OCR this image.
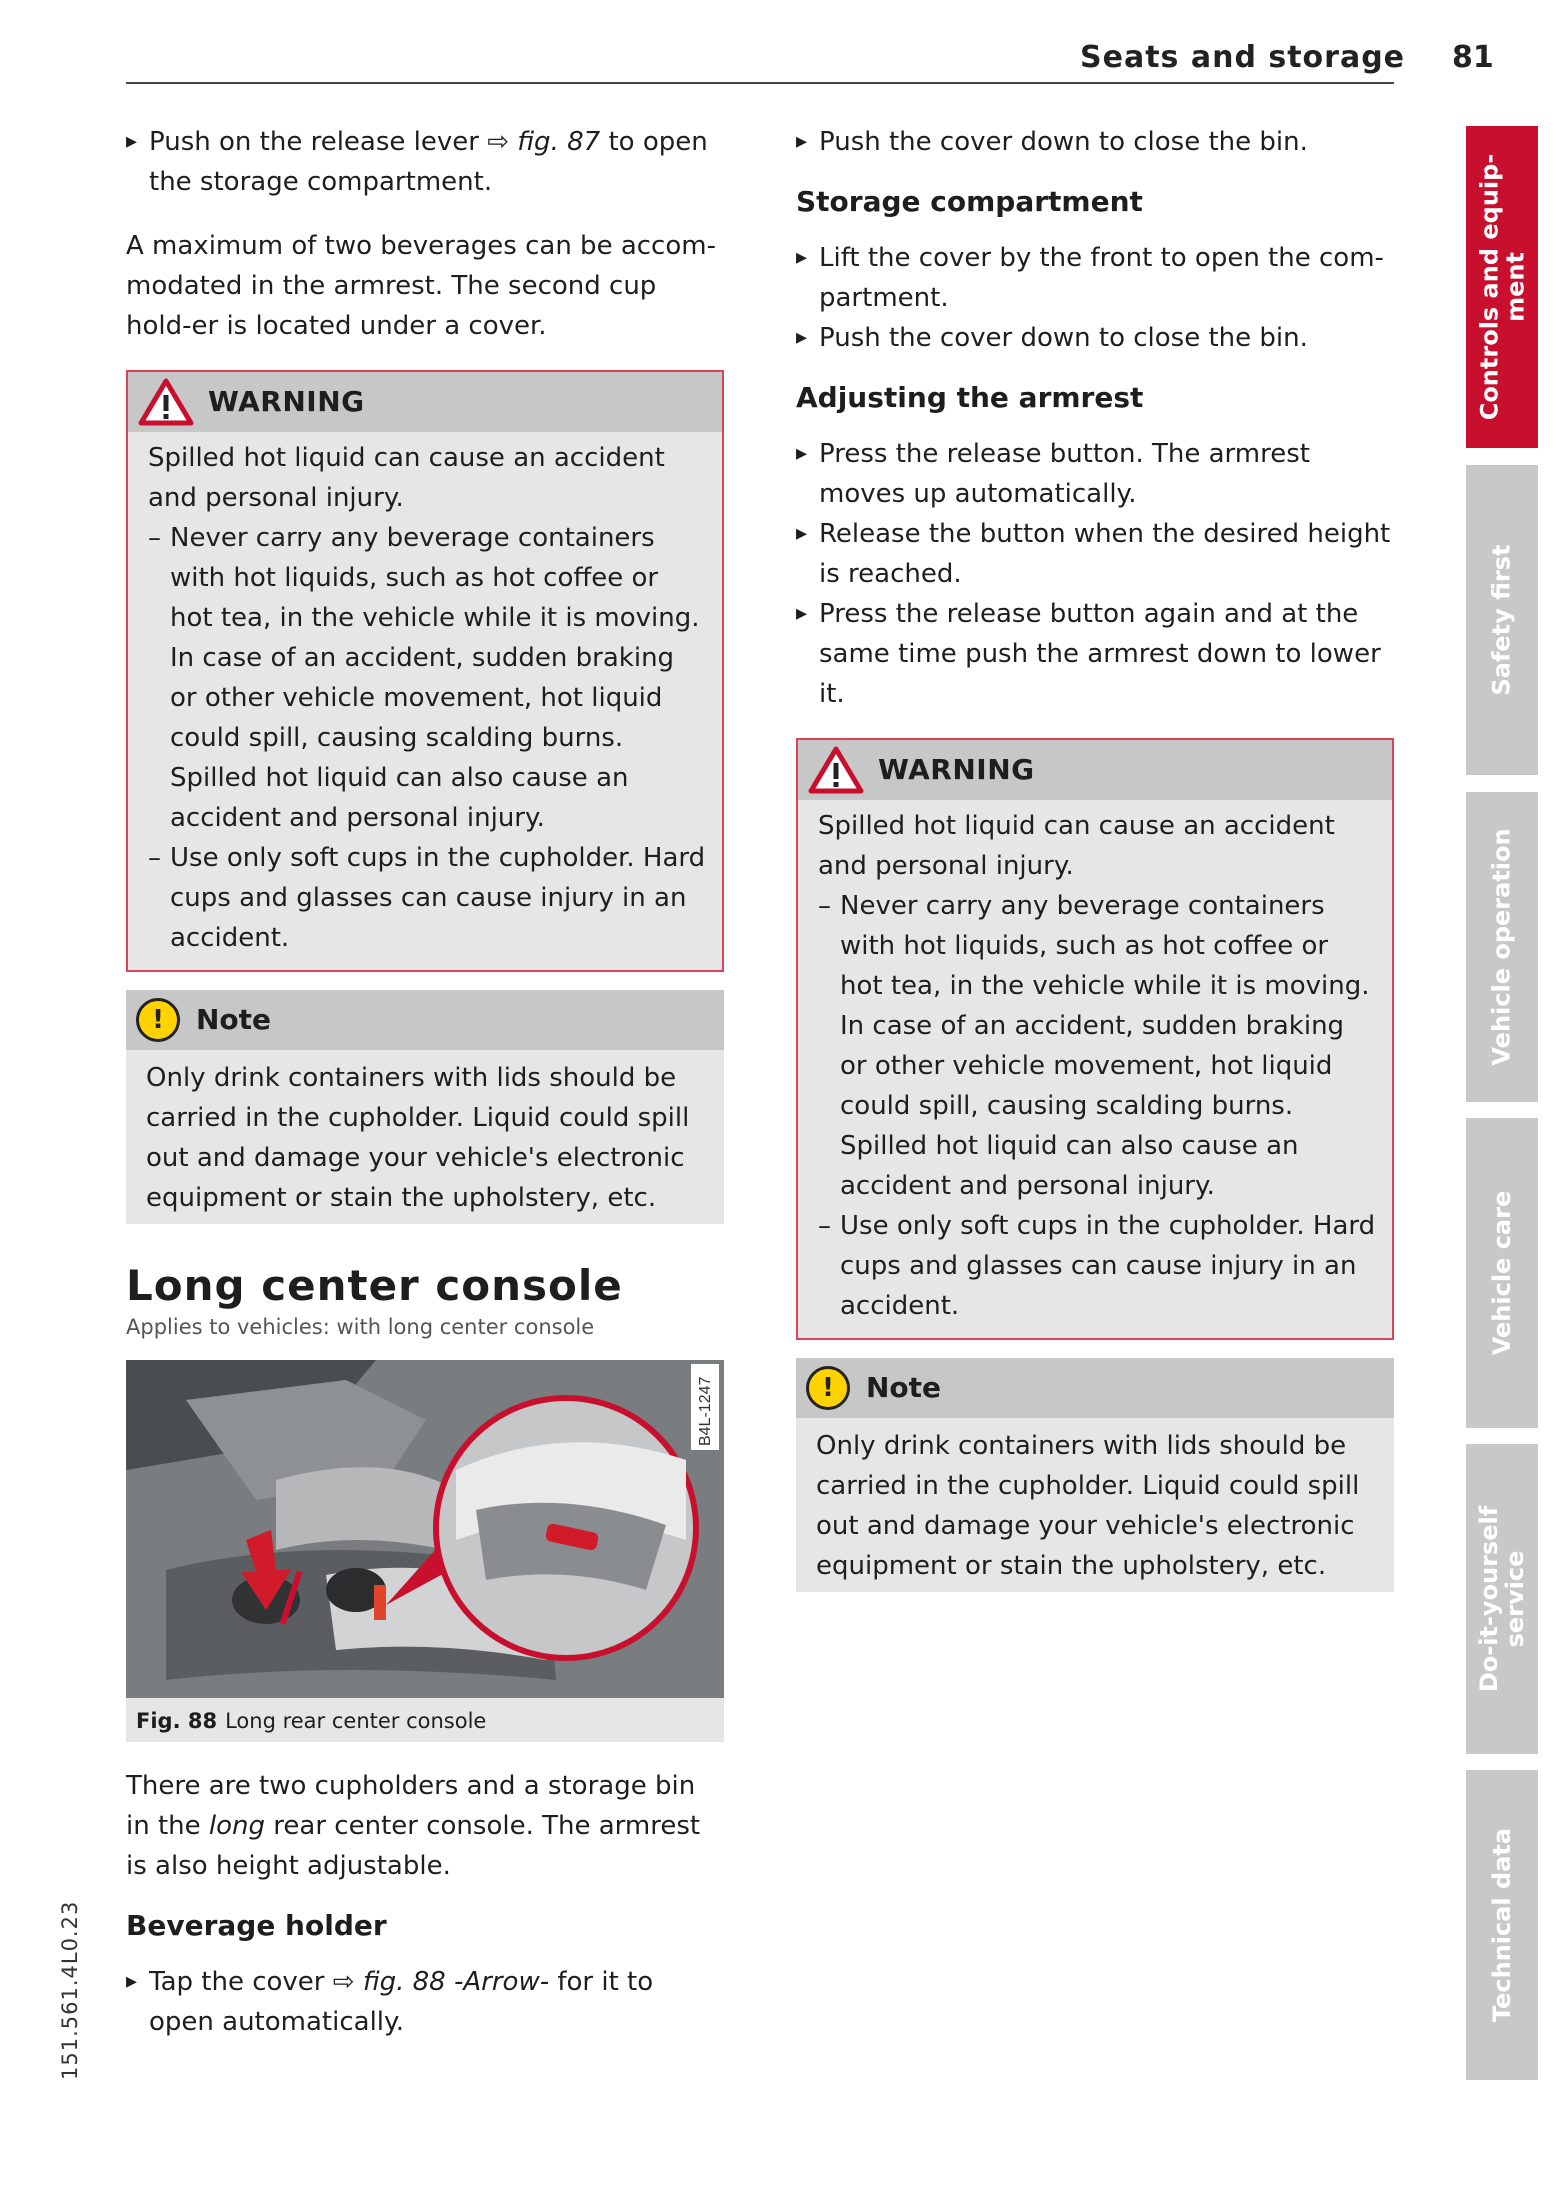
Seats and storage 81
▸ Push on the release lever ⇨ fig. 87 to open the storage compartment.

A maximum of two beverages can be accom-modated in the armrest. The second cup hold-er is located under a cover.

WARNING

Spilled hot liquid can cause an accident and personal injury.

– Never carry any beverage containers with hot liquids, such as hot coffee or hot tea, in the vehicle while it is moving. In case of an accident, sudden braking or other vehicle movement, hot liquid could spill, causing scalding burns. Spilled hot liquid can also cause an accident and personal injury.

– Use only soft cups in the cupholder. Hard cups and glasses can cause injury in an accident.

!	Note
Only drink containers with lids should be carried in the cupholder. Liquid could spill out and damage your vehicle's electronic equipment or stain the upholstery, etc.
Long center console

Applies to vehicles: with long center console

B4L-1247
Fig. 88 Long rear center console

There are two cupholders and a storage bin in the long rear center console. The armrest is also height adjustable.

Beverage holder
▸ Tap the cover ⇨ fig. 88 -Arrow- for it to open automatically.
▸ Push the cover down to close the bin.
Storage compartment
▸ Lift the cover by the front to open the com-partment.
▸ Push the cover down to close the bin.
Adjusting the armrest
▸ Press the release button. The armrest moves up automatically.
▸ Release the button when the desired height is reached.
▸ Press the release button again and at the same time push the armrest down to lower it.
WARNING

Spilled hot liquid can cause an accident and personal injury.

– Never carry any beverage containers with hot liquids, such as hot coffee or hot tea, in the vehicle while it is moving. In case of an accident, sudden braking or other vehicle movement, hot liquid could spill, causing scalding burns. Spilled hot liquid can also cause an accident and personal injury.

– Use only soft cups in the cupholder. Hard cups and glasses can cause injury in an accident.

!	Note
Only drink containers with lids should be carried in the cupholder. Liquid could spill out and damage your vehicle's electronic equipment or stain the upholstery, etc.
Controls and equip-
ment
Safety first
Vehicle operation
Vehicle care
Do-it-yourself
service
Technical data
151.561.4L0.23
